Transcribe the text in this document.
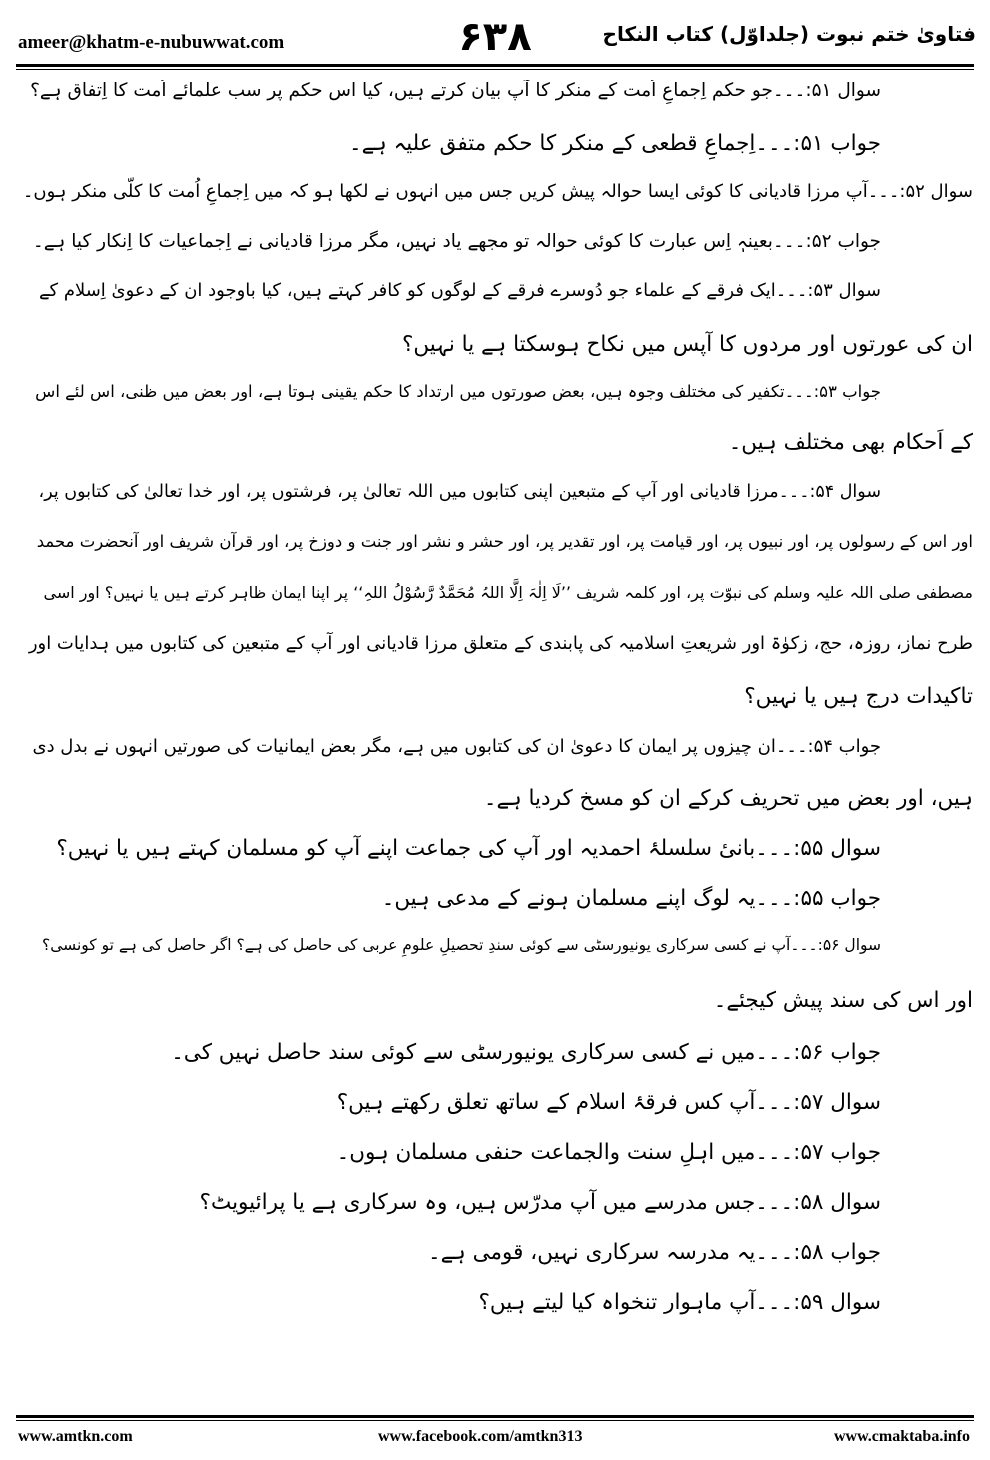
ameer@khatm-e-nubuwwat.com	۶۳۸	فتاویٰ ختم نبوت (جلداوّل) کتاب النکاح
سوال ۵۱:۔۔۔جو حکم اِجماعِ اُمت کے منکر کا آپ بیان کرتے ہیں، کیا اس حکم پر سب علمائے اُمت کا اِتفاق ہے؟
جواب ۵۱:۔۔۔اِجماعِ قطعی کے منکر کا حکم متفق علیہ ہے۔
سوال ۵۲:۔۔۔آپ مرزا قادیانی کا کوئی ایسا حوالہ پیش کریں جس میں انہوں نے لکھا ہو کہ میں اِجماعِ اُمت کا کلّی منکر ہوں۔
جواب ۵۲:۔۔۔بعینہٖ اِس عبارت کا کوئی حوالہ تو مجھے یاد نہیں، مگر مرزا قادیانی نے اِجماعیات کا اِنکار کیا ہے۔
سوال ۵۳:۔۔۔ایک فرقے کے علماء جو دُوسرے فرقے کے لوگوں کو کافر کہتے ہیں، کیا باوجود ان کے دعویٰ اِسلام کے
ان کی عورتوں اور مردوں کا آپس میں نکاح ہوسکتا ہے یا نہیں؟
جواب ۵۳:۔۔۔تکفیر کی مختلف وجوہ ہیں، بعض صورتوں میں ارتداد کا حکم یقینی ہوتا ہے، اور بعض میں ظنی، اس لئے اس
کے اَحکام بھی مختلف ہیں۔
سوال ۵۴:۔۔۔مرزا قادیانی اور آپ کے متبعین اپنی کتابوں میں اللہ تعالیٰ پر، فرشتوں پر، اور خدا تعالیٰ کی کتابوں پر،
اور اس کے رسولوں پر، اور نبیوں پر، اور قیامت پر، اور تقدیر پر، اور حشر و نشر اور جنت و دوزخ پر، اور قرآن شریف اور آنحضرت محمد
مصطفی صلی اللہ علیہ وسلم کی نبوّت پر، اور کلمہ شریف ’’لَا اِلٰہَ اِلَّا اللہُ مُحَمَّدٌ رَّسُوْلُ اللہِ‘‘ پر اپنا ایمان ظاہر کرتے ہیں یا نہیں؟ اور اسی
طرح نماز، روزہ، حج، زکوٰۃ اور شریعتِ اسلامیہ کی پابندی کے متعلق مرزا قادیانی اور آپ کے متبعین کی کتابوں میں ہدایات اور
تاکیدات درج ہیں یا نہیں؟
جواب ۵۴:۔۔۔ان چیزوں پر ایمان کا دعویٰ ان کی کتابوں میں ہے، مگر بعض ایمانیات کی صورتیں انہوں نے بدل دی
ہیں، اور بعض میں تحریف کرکے ان کو مسخ کردیا ہے۔
سوال ۵۵:۔۔۔بانیٔ سلسلۂ احمدیہ اور آپ کی جماعت اپنے آپ کو مسلمان کہتے ہیں یا نہیں؟
جواب ۵۵:۔۔۔یہ لوگ اپنے مسلمان ہونے کے مدعی ہیں۔
سوال ۵۶:۔۔۔آپ نے کسی سرکاری یونیورسٹی سے کوئی سندِ تحصیلِ علومِ عربی کی حاصل کی ہے؟ اگر حاصل کی ہے تو کونسی؟
اور اس کی سند پیش کیجئے۔
جواب ۵۶:۔۔۔میں نے کسی سرکاری یونیورسٹی سے کوئی سند حاصل نہیں کی۔
سوال ۵۷:۔۔۔آپ کس فرقۂ اسلام کے ساتھ تعلق رکھتے ہیں؟
جواب ۵۷:۔۔۔میں اہلِ سنت والجماعت حنفی مسلمان ہوں۔
سوال ۵۸:۔۔۔جس مدرسے میں آپ مدرّس ہیں، وہ سرکاری ہے یا پرائیویٹ؟
جواب ۵۸:۔۔۔یہ مدرسہ سرکاری نہیں، قومی ہے۔
سوال ۵۹:۔۔۔آپ ماہوار تنخواہ کیا لیتے ہیں؟
www.amtkn.com	www.facebook.com/amtkn313	www.cmaktaba.info
